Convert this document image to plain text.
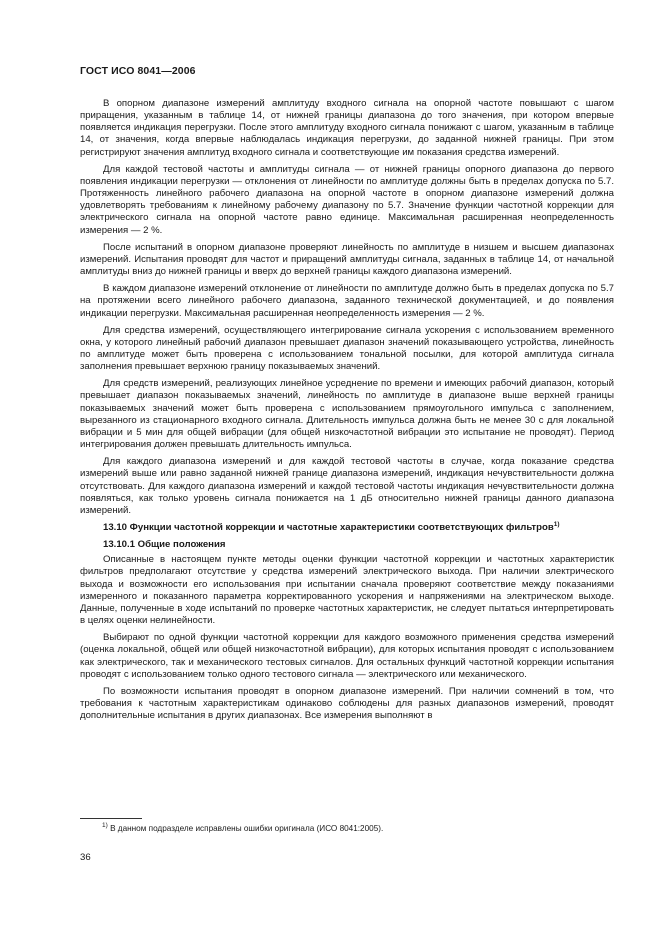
ГОСТ ИСО 8041—2006

В опорном диапазоне измерений амплитуду входного сигнала на опорной частоте повышают с шагом приращения, указанным в таблице 14, от нижней границы диапазона до того значения, при котором впервые появляется индикация перегрузки. После этого амплитуду входного сигнала понижают с шагом, указанным в таблице 14, от значения, когда впервые наблюдалась индикация перегрузки, до заданной нижней границы. При этом регистрируют значения амплитуд входного сигнала и соответствующие им показания средства измерений.

Для каждой тестовой частоты и амплитуды сигнала — от нижней границы опорного диапазона до первого появления индикации перегрузки — отклонения от линейности по амплитуде должны быть в пределах допуска по 5.7. Протяженность линейного рабочего диапазона на опорной частоте в опорном диапазоне измерений должна удовлетворять требованиям к линейному рабочему диапазону по 5.7. Значение функции частотной коррекции для электрического сигнала на опорной частоте равно единице. Максимальная расширенная неопределенность измерения — 2 %.

После испытаний в опорном диапазоне проверяют линейность по амплитуде в низшем и высшем диапазонах измерений. Испытания проводят для частот и приращений амплитуды сигнала, заданных в таблице 14, от начальной амплитуды вниз до нижней границы и вверх до верхней границы каждого диапазона измерений.

В каждом диапазоне измерений отклонение от линейности по амплитуде должно быть в пределах допуска по 5.7 на протяжении всего линейного рабочего диапазона, заданного технической документацией, и до появления индикации перегрузки. Максимальная расширенная неопределенность измерения — 2 %.

Для средства измерений, осуществляющего интегрирование сигнала ускорения с использованием временного окна, у которого линейный рабочий диапазон превышает диапазон значений показывающего устройства, линейность по амплитуде может быть проверена с использованием тональной посылки, для которой амплитуда сигнала заполнения превышает верхнюю границу показываемых значений.

Для средств измерений, реализующих линейное усреднение по времени и имеющих рабочий диапазон, который превышает диапазон показываемых значений, линейность по амплитуде в диапазоне выше верхней границы показываемых значений может быть проверена с использованием прямоугольного импульса с заполнением, вырезанного из стационарного входного сигнала. Длительность импульса должна быть не менее 30 с для локальной вибрации и 5 мин для общей вибрации (для общей низкочастотной вибрации это испытание не проводят). Период интегрирования должен превышать длительность импульса.

Для каждого диапазона измерений и для каждой тестовой частоты в случае, когда показание средства измерений выше или равно заданной нижней границе диапазона измерений, индикация нечувствительности должна отсутствовать. Для каждого диапазона измерений и каждой тестовой частоты индикация нечувствительности должна появляться, как только уровень сигнала понижается на 1 дБ относительно нижней границы данного диапазона измерений.

13.10 Функции частотной коррекции и частотные характеристики соответствующих фильтров$^{1)}$
13.10.1 Общие положения

Описанные в настоящем пункте методы оценки функции частотной коррекции и частотных характеристик фильтров предполагают отсутствие у средства измерений электрического выхода. При наличии электрического выхода и возможности его использования при испытании сначала проверяют соответствие между показаниями измеренного и показанного параметра корректированного ускорения и напряжениями на электрическом выходе. Данные, полученные в ходе испытаний по проверке частотных характеристик, не следует пытаться интерпретировать в целях оценки нелинейности.

Выбирают по одной функции частотной коррекции для каждого возможного применения средства измерений (оценка локальной, общей или общей низкочастотной вибрации), для которых испытания проводят с использованием как электрического, так и механического тестовых сигналов. Для остальных функций частотной коррекции испытания проводят с использованием только одного тестового сигнала — электрического или механического.

По возможности испытания проводят в опорном диапазоне измерений. При наличии сомнений в том, что требования к частотным характеристикам одинаково соблюдены для разных диапазонов измерений, проводят дополнительные испытания в других диапазонах. Все измерения выполняют в

$^{1)}$ В данном подразделе исправлены ошибки оригинала (ИСО 8041:2005).
36
